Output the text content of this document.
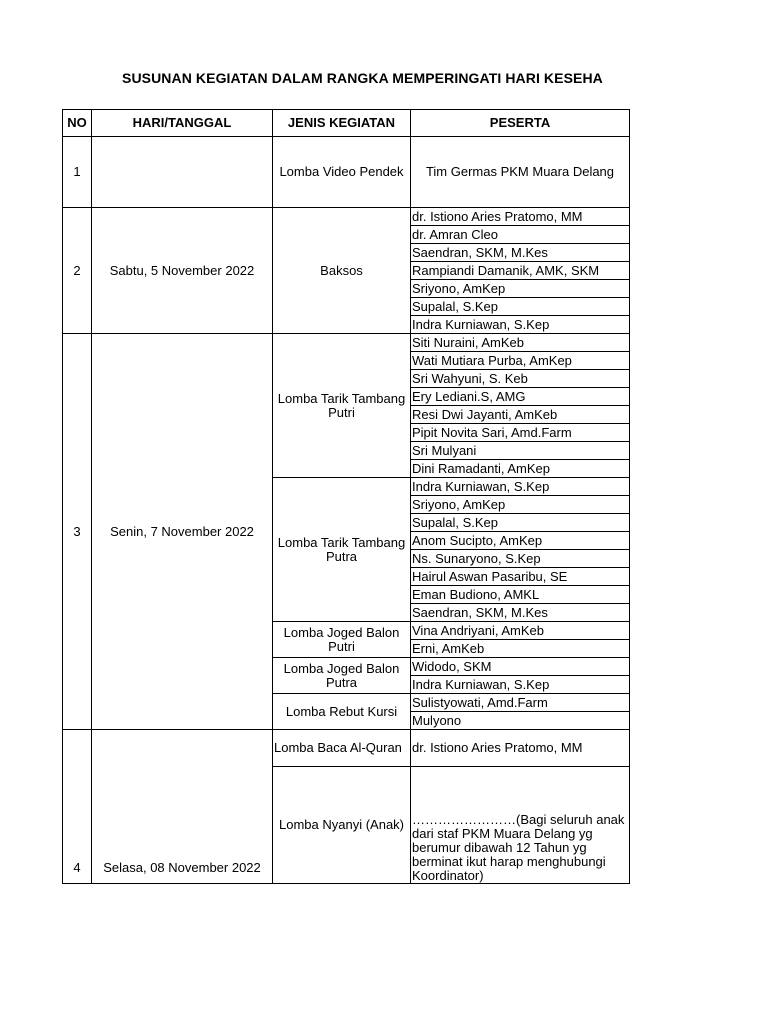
SUSUNAN KEGIATAN DALAM RANGKA MEMPERINGATI HARI KESEHA
NO	HARI/TANGGAL	JENIS KEGIATAN	PESERTA
1		Lomba Video Pendek	Tim Germas PKM Muara Delang
2	Sabtu, 5 November 2022	Baksos	dr. Istiono Aries Pratomo, MM
			dr. Amran Cleo
			Saendran, SKM, M.Kes
			Rampiandi Damanik, AMK, SKM
			Sriyono, AmKep
			Supalal, S.Kep
			Indra Kurniawan, S.Kep
3	Senin, 7 November 2022	Lomba Tarik Tambang Putri	Siti Nuraini, AmKeb
			Wati Mutiara Purba, AmKep
			Sri Wahyuni, S. Keb
			Ery Lediani.S, AMG
			Resi Dwi Jayanti, AmKeb
			Pipit Novita Sari, Amd.Farm
			Sri Mulyani
			Dini Ramadanti, AmKep
		Lomba Tarik Tambang Putra	Indra Kurniawan, S.Kep
			Sriyono, AmKep
			Supalal, S.Kep
			Anom Sucipto, AmKep
			Ns. Sunaryono, S.Kep
			Hairul Aswan Pasaribu, SE
			Eman Budiono, AMKL
			Saendran, SKM, M.Kes
		Lomba Joged Balon Putri	Vina Andriyani, AmKeb
			Erni, AmKeb
		Lomba Joged Balon Putra	Widodo, SKM
			Indra Kurniawan, S.Kep
		Lomba Rebut Kursi	Sulistyowati, Amd.Farm
			Mulyono
4	Selasa, 08 November 2022	Lomba Baca Al-Quran	dr. Istiono Aries Pratomo, MM
		Lomba Nyanyi (Anak)	……………………(Bagi seluruh anak dari staf PKM Muara Delang yg berumur dibawah 12 Tahun yg berminat ikut harap menghubungi Koordinator)
